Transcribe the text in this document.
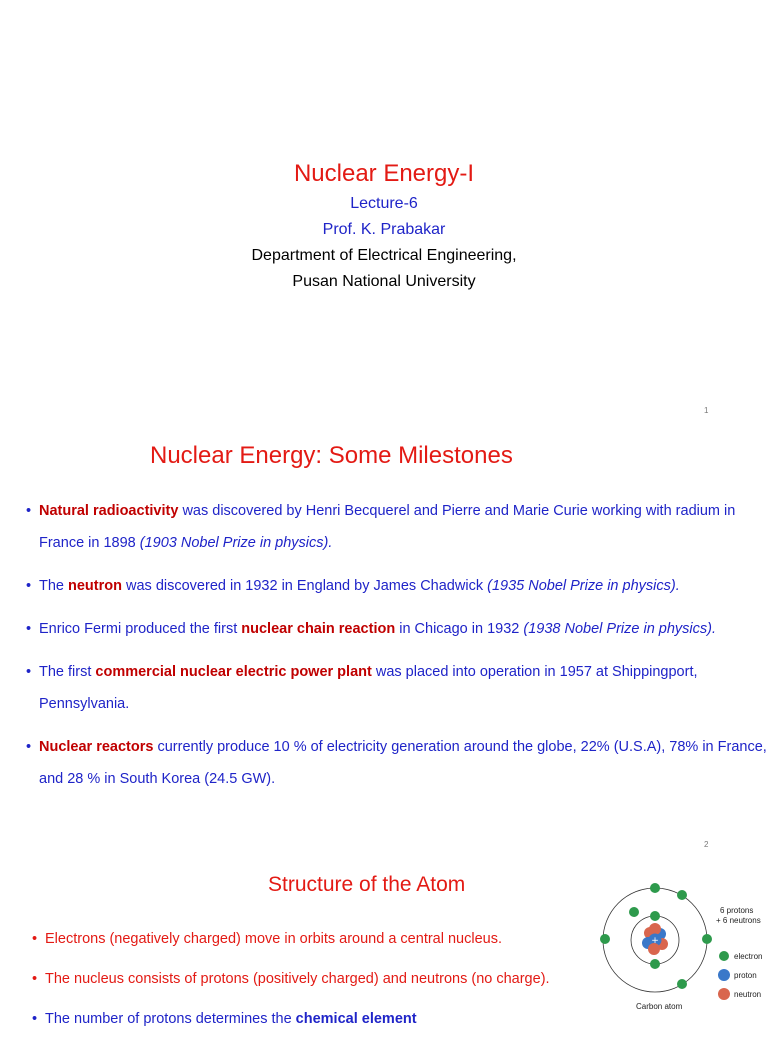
Nuclear Energy-I
Lecture-6
Prof. K. Prabakar
Department of Electrical Engineering,
Pusan National University
1
Nuclear Energy: Some Milestones
• Natural radioactivity was discovered by Henri Becquerel and Pierre and Marie Curie working with radium in France in 1898 (1903 Nobel Prize in physics).
• The neutron was discovered in 1932 in England by James Chadwick (1935 Nobel Prize in physics).
• Enrico Fermi produced the first nuclear chain reaction in Chicago in 1932 (1938 Nobel Prize in physics).
• The first commercial nuclear electric power plant was placed into operation in 1957 at Shippingport, Pennsylvania.
• Nuclear reactors currently produce 10 % of electricity generation around the globe, 22% (U.S.A), 78% in France, and 28 % in South Korea (24.5 GW).
2
Structure of the Atom
• Electrons (negatively charged) move in orbits around a central nucleus.
• The nucleus consists of protons (positively charged) and neutrons (no charge).
• The number of protons determines the chemical element
+
6 protons
+ 6 neutrons
electron
proton
neutron
Carbon atom
